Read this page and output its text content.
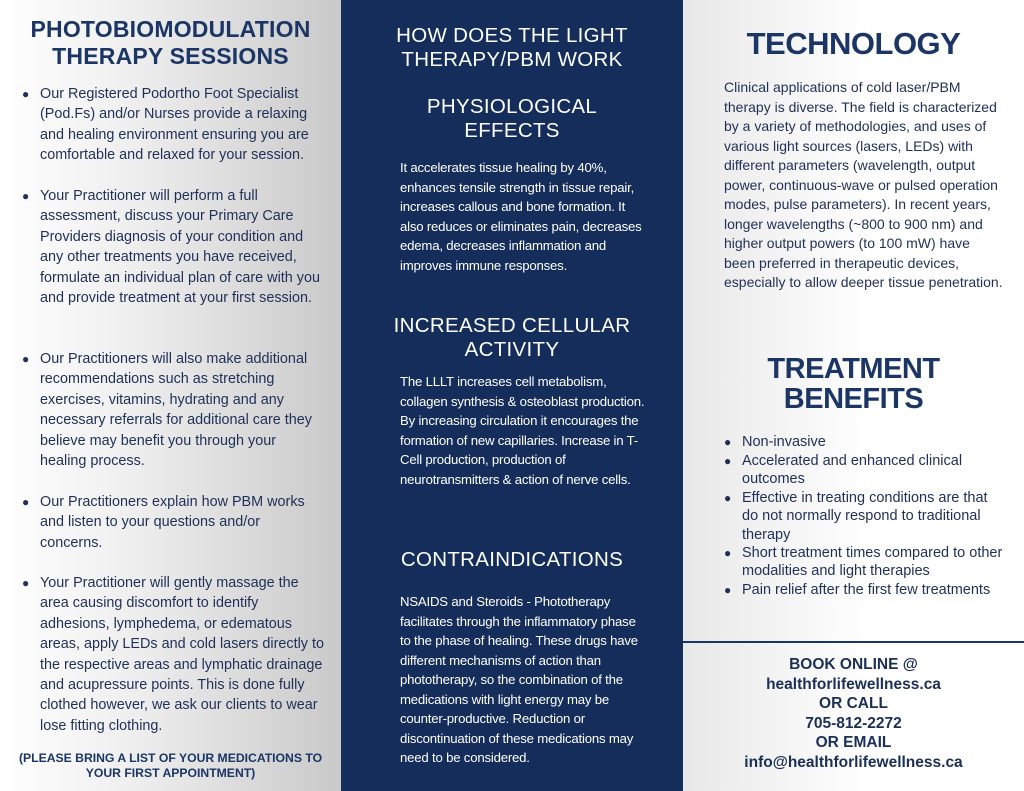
PHOTOBIOMODULATION
THERAPY SESSIONS
● Our Registered Podortho Foot Specialist (Pod.Fs) and/or Nurses provide a relaxing and healing environment ensuring you are comfortable and relaxed for your session.
● Your Practitioner will perform a full assessment, discuss your Primary Care Providers diagnosis of your condition and any other treatments you have received, formulate an individual plan of care with you and provide treatment at your first session.
● Our Practitioners will also make additional recommendations such as stretching exercises, vitamins, hydrating and any necessary referrals for additional care they believe may benefit you through your healing process.
● Our Practitioners explain how PBM works and listen to your questions and/or concerns.
● Your Practitioner will gently massage the area causing discomfort to identify adhesions, lymphedema, or edematous areas, apply LEDs and cold lasers directly to the respective areas and lymphatic drainage and acupressure points. This is done fully clothed however, we ask our clients to wear lose fitting clothing.
(PLEASE BRING A LIST OF YOUR MEDICATIONS TO
YOUR FIRST APPOINTMENT)
HOW DOES THE LIGHT
THERAPY/PBM WORK
PHYSIOLOGICAL
EFFECTS
It accelerates tissue healing by 40%, enhances tensile strength in tissue repair, increases callous and bone formation. It also reduces or eliminates pain, decreases edema, decreases inflammation and improves immune responses.
INCREASED CELLULAR
ACTIVITY
The LLLT increases cell metabolism, collagen synthesis & osteoblast production. By increasing circulation it encourages the formation of new capillaries. Increase in T-Cell production, production of neurotransmitters & action of nerve cells.
CONTRAINDICATIONS
NSAIDS and Steroids - Phototherapy facilitates through the inflammatory phase to the phase of healing. These drugs have different mechanisms of action than phototherapy, so the combination of the medications with light energy may be counter-productive. Reduction or discontinuation of these medications may need to be considered.
TECHNOLOGY
Clinical applications of cold laser/PBM therapy is diverse. The field is characterized by a variety of methodologies, and uses of various light sources (lasers, LEDs) with different parameters (wavelength, output power, continuous-wave or pulsed operation modes, pulse parameters). In recent years, longer wavelengths (~800 to 900 nm) and higher output powers (to 100 mW) have been preferred in therapeutic devices, especially to allow deeper tissue penetration.
TREATMENT
BENEFITS
● Non-invasive
● Accelerated and enhanced clinical outcomes
● Effective in treating conditions are that do not normally respond to traditional therapy
● Short treatment times compared to other modalities and light therapies
● Pain relief after the first few treatments
BOOK ONLINE @
healthforlifewellness.ca
OR CALL
705-812-2272
OR EMAIL
info@healthforlifewellness.ca
